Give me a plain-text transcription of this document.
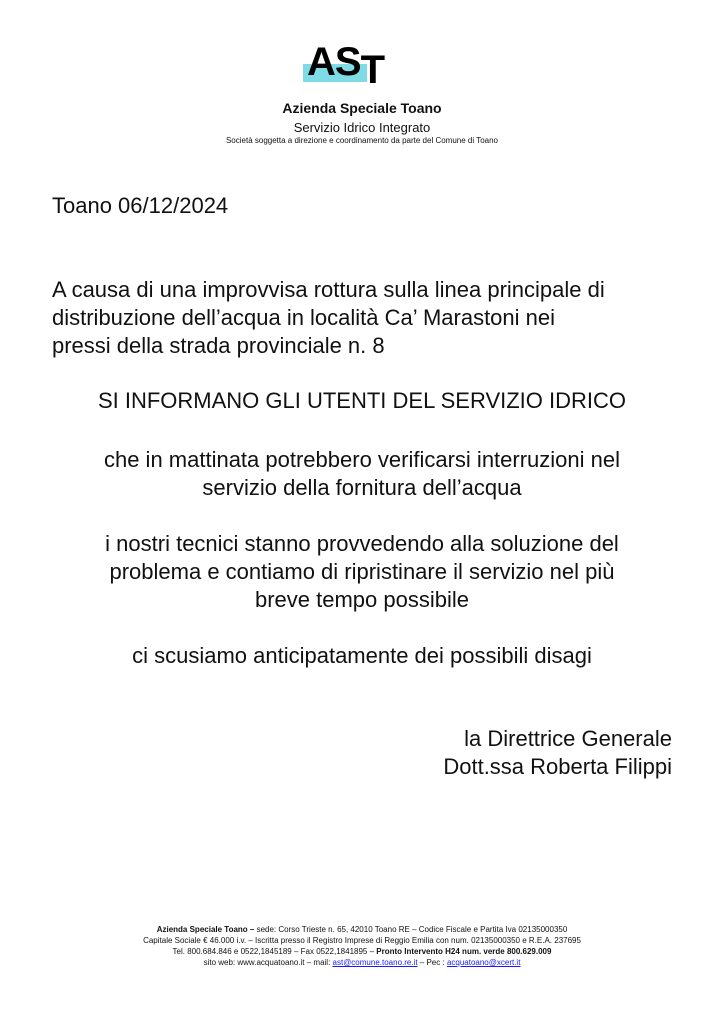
AST
Azienda Speciale Toano
Servizio Idrico Integrato
Società soggetta a direzione e coordinamento da parte del Comune di Toano
Toano 06/12/2024
A causa di una improvvisa rottura sulla linea principale di
distribuzione dell’acqua in località Ca’ Marastoni nei
pressi della strada provinciale n. 8
SI INFORMANO GLI UTENTI DEL SERVIZIO IDRICO
che in mattinata potrebbero verificarsi interruzioni nel
servizio della fornitura dell’acqua
i nostri tecnici stanno provvedendo alla soluzione del
problema e contiamo di ripristinare il servizio nel più
breve tempo possibile
ci scusiamo anticipatamente dei possibili disagi
la Direttrice Generale
Dott.ssa Roberta Filippi
Azienda Speciale Toano – sede: Corso Trieste n. 65, 42010 Toano RE – Codice Fiscale e Partita Iva 02135000350
Capitale Sociale € 46.000 i.v. – Iscritta presso il Registro Imprese di Reggio Emilia con num. 02135000350 e R.E.A. 237695
Tel. 800.684.846 e 0522,1845189 – Fax 0522,1841895 – Pronto Intervento H24 num. verde 800.629.009
sito web: www.acquatoano.it – mail: ast@comune.toano.re.it – Pec : acquatoano@xcert.it
